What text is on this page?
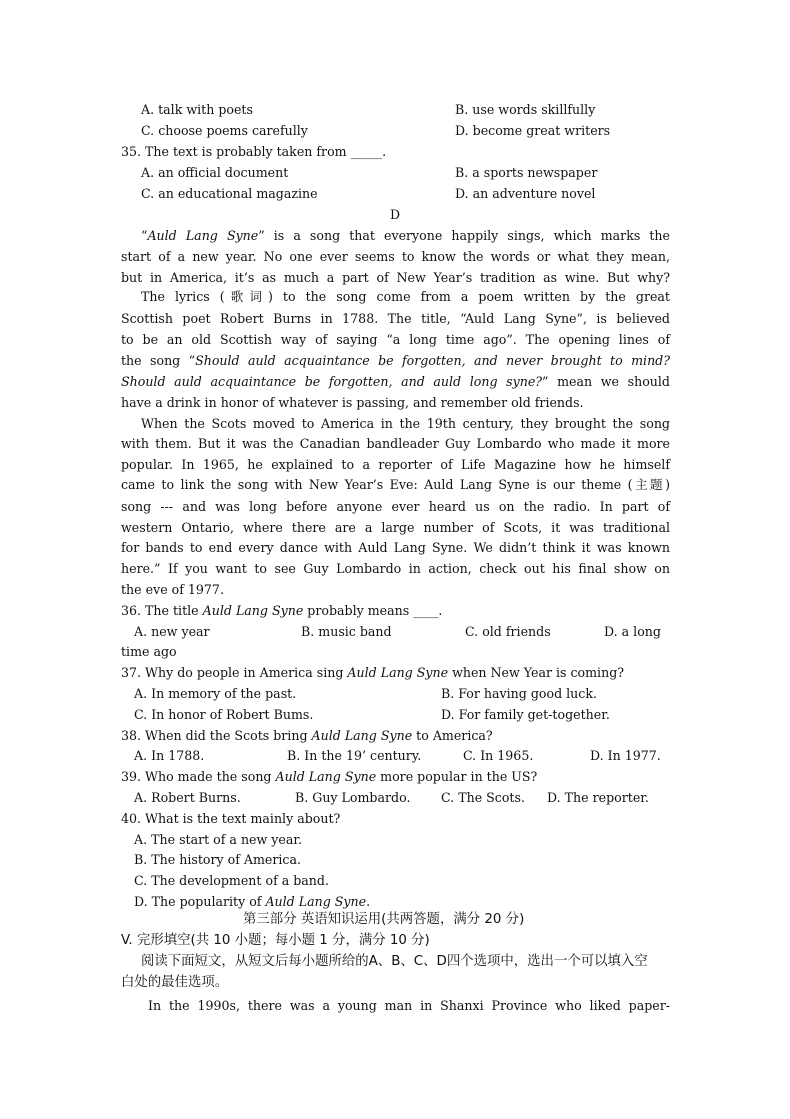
A. talk with poets	B. use words skillfully
C. choose poems carefully	D. become great writers
35. The text is probably taken from _____.
A. an official document	B. a sports newspaper
C. an educational magazine	D. an adventure novel
D
“Auld Lang Syne” is a song that everyone happily sings, which marks the
start of a new year. No one ever seems to know the words or what they mean,
but in America, it’s as much a part of New Year’s tradition as wine. But why?
The lyrics (歌词) to the song come from a poem written by the great
Scottish poet Robert Burns in 1788. The title, “Auld Lang Syne”, is believed
to be an old Scottish way of saying “a long time ago”. The opening lines of
the song “Should auld acquaintance be forgotten, and never brought to mind?
Should auld acquaintance be forgotten, and auld long syne?” mean we should
have a drink in honor of whatever is passing, and remember old friends.
When the Scots moved to America in the 19th century, they brought the song
with them. But it was the Canadian bandleader Guy Lombardo who made it more
popular. In 1965, he explained to a reporter of Life Magazine how he himself
came to link the song with New Year’s Eve: Auld Lang Syne is our theme (主题)
song --- and was long before anyone ever heard us on the radio. In part of
western Ontario, where there are a large number of Scots, it was traditional
for bands to end every dance with Auld Lang Syne. We didn’t think it was known
here.” If you want to see Guy Lombardo in action, check out his final show on
the eve of 1977.
36. The title Auld Lang Syne probably means ____.
A. new year	B. music band	C. old friends	D. a long
time ago
37. Why do people in America sing Auld Lang Syne when New Year is coming?
A. In memory of the past.	B. For having good luck.
C. In honor of Robert Bums.	D. For family get-together.
38. When did the Scots bring Auld Lang Syne to America?
A. In 1788.	B. In the 19’ century.	C. In 1965.	D. In 1977.
39. Who made the song Auld Lang Syne more popular in the US?
A. Robert Burns.	B. Guy Lombardo. C. The Scots. D. The reporter.
40. What is the text mainly about?
A. The start of a new year.
B. The history of America.
C. The development of a band.
D. The popularity of Auld Lang Syne.
第三部分 英语知识运用(共两答题，满分 20 分)
V. 完形填空(共 10 小题；每小题 1 分，满分 10 分)
阅读下面短文，从短文后每小题所给的A、B、C、D四个选项中，选出一个可以填入空
白处的最佳选项。
In the 1990s, there was a young man in Shanxi Province who liked paper-
